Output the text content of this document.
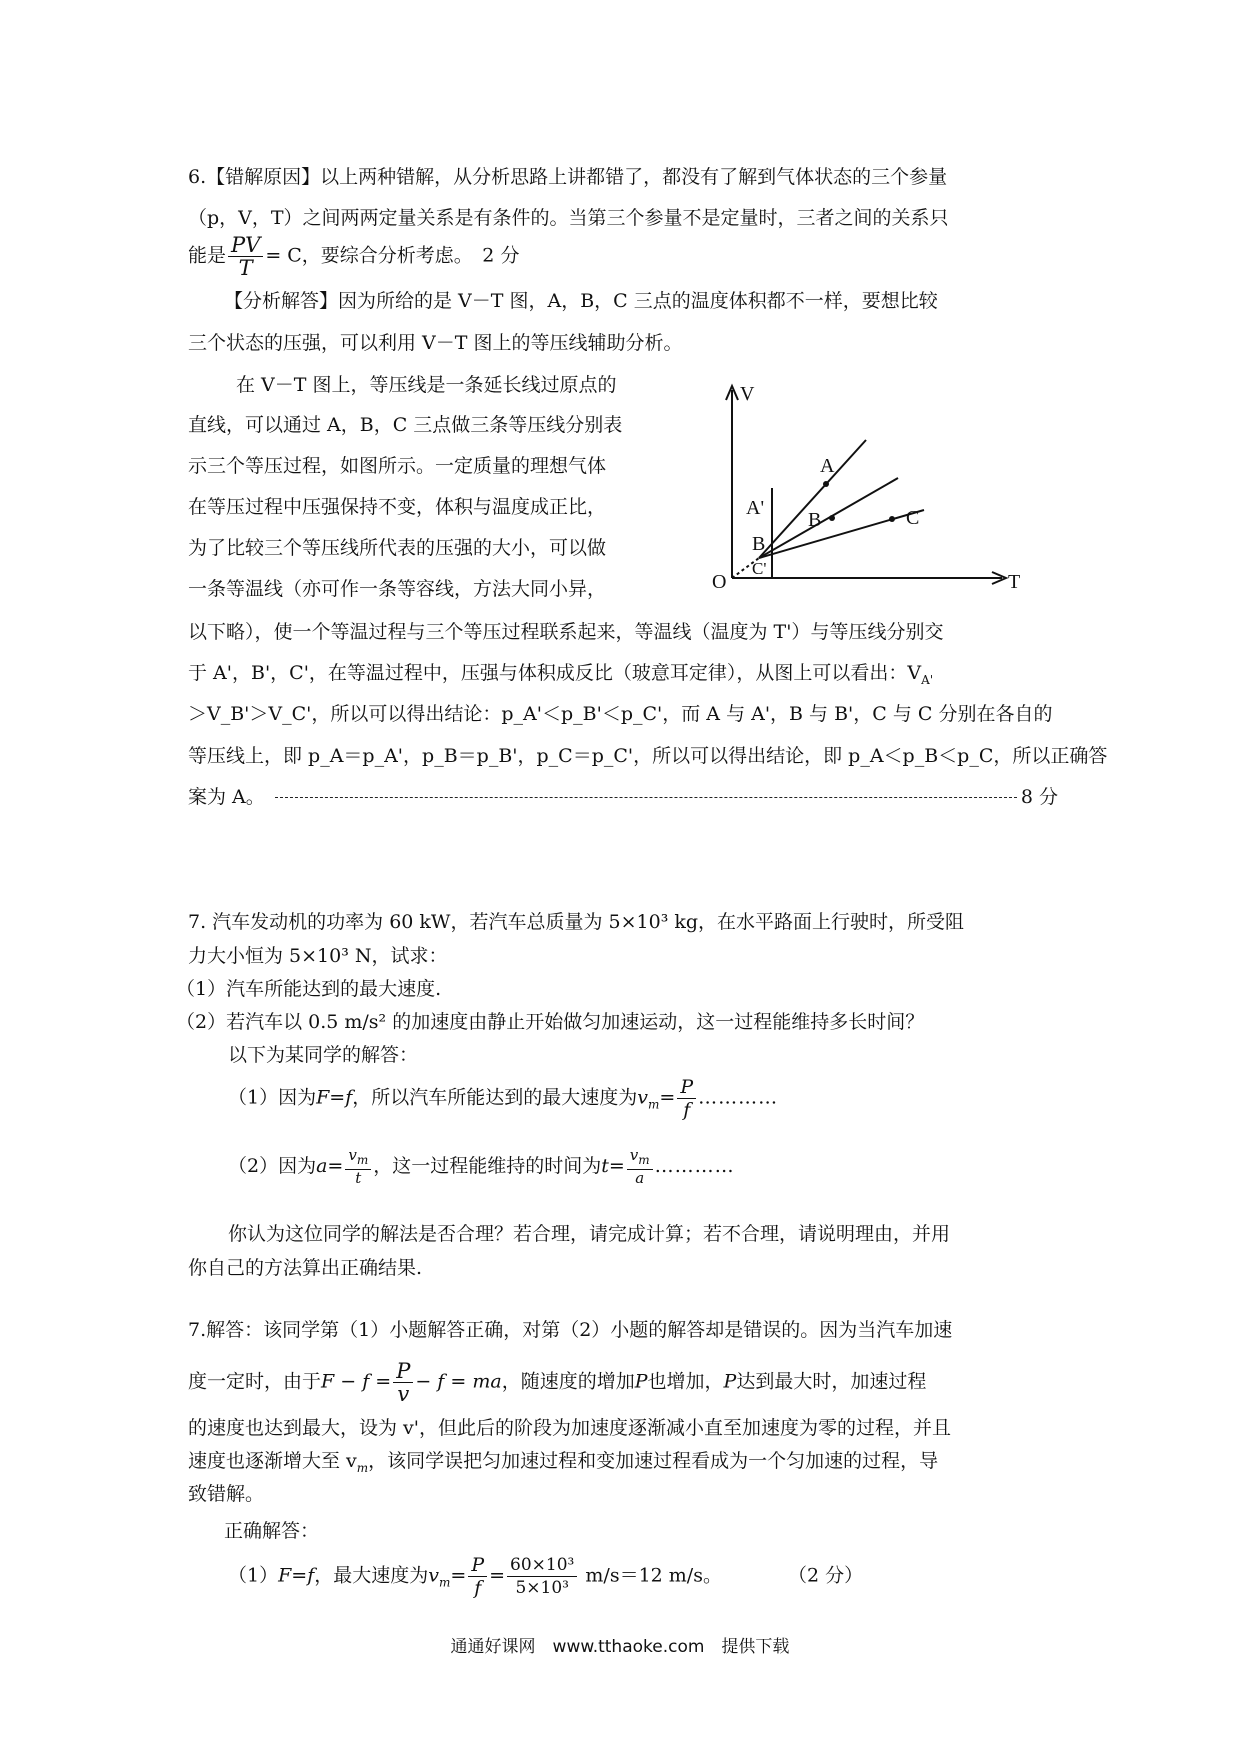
6.【错解原因】以上两种错解，从分析思路上讲都错了，都没有了解到气体状态的三个参量
（p，V，T）之间两两定量关系是有条件的。当第三个参量不是定量时，三者之间的关系只
能是 $\frac{PV}{T} = C$，要综合分析考虑。　2 分
【分析解答】因为所给的是 V－T 图，A，B，C 三点的温度体积都不一样，要想比较
三个状态的压强，可以利用 V－T 图上的等压线辅助分析。
在 V－T 图上，等压线是一条延长线过原点的
直线，可以通过 A，B，C 三点做三条等压线分别表
示三个等压过程，如图所示。一定质量的理想气体
在等压过程中压强保持不变，体积与温度成正比，
为了比较三个等压线所代表的压强的大小，可以做
一条等温线（亦可作一条等容线，方法大同小异，
以下略），使一个等温过程与三个等压过程联系起来，等温线（温度为 T'）与等压线分别交
于 A'，B'，C'，在等温过程中，压强与体积成反比（玻意耳定律），从图上可以看出：$V_{A'}$
＞V_B'＞V_C'，所以可以得出结论：p_A'＜p_B'＜p_C'，而 A 与 A'，B 与 B'，C 与 C 分别在各自的
等压线上，即 p_A＝p_A'，p_B＝p_B'，p_C＝p_C'，所以可以得出结论，即 p_A＜p_B＜p_C，所以正确答
案为 A。	8 分
V
T
O
A
A'
B
B
C
C'
7. 汽车发动机的功率为 60 kW，若汽车总质量为 5×10³ kg，在水平路面上行驶时，所受阻
力大小恒为 5×10³ N，试求：
（1）汽车所能达到的最大速度.
（2）若汽车以 0.5 m/s² 的加速度由静止开始做匀加速运动，这一过程能维持多长时间？
以下为某同学的解答：
（1）因为F=f，所以汽车所能达到的最大速度为$v_m= \frac{P}{f}$ …………
（2）因为$a= \frac{v_m}{t}$ ，这一过程能维持的时间为$t= \frac{v_m}{a}$ …………
你认为这位同学的解法是否合理？若合理，请完成计算；若不合理，请说明理由，并用
你自己的方法算出正确结果.
7.解答：该同学第（1）小题解答正确，对第（2）小题的解答却是错误的。因为当汽车加速
度一定时，由于$F - f = \frac{P}{v} - f$ = ma，随速度的增加P也增加，P达到最大时，加速过程
的速度也达到最大，设为 v'，但此后的阶段为加速度逐渐减小直至加速度为零的过程，并且
速度也逐渐增大至 $v_m$，该同学误把匀加速过程和变加速过程看成为一个匀加速的过程，导
致错解。
正确解答：
（1）F=f，最大速度为$v_m= \frac{P}{f} = \frac{\text{60×10³}}{\text{5×10³}} m/s=12$ m/s。	（2 分）
通通好课网　www.tthaoke.com　提供下载
